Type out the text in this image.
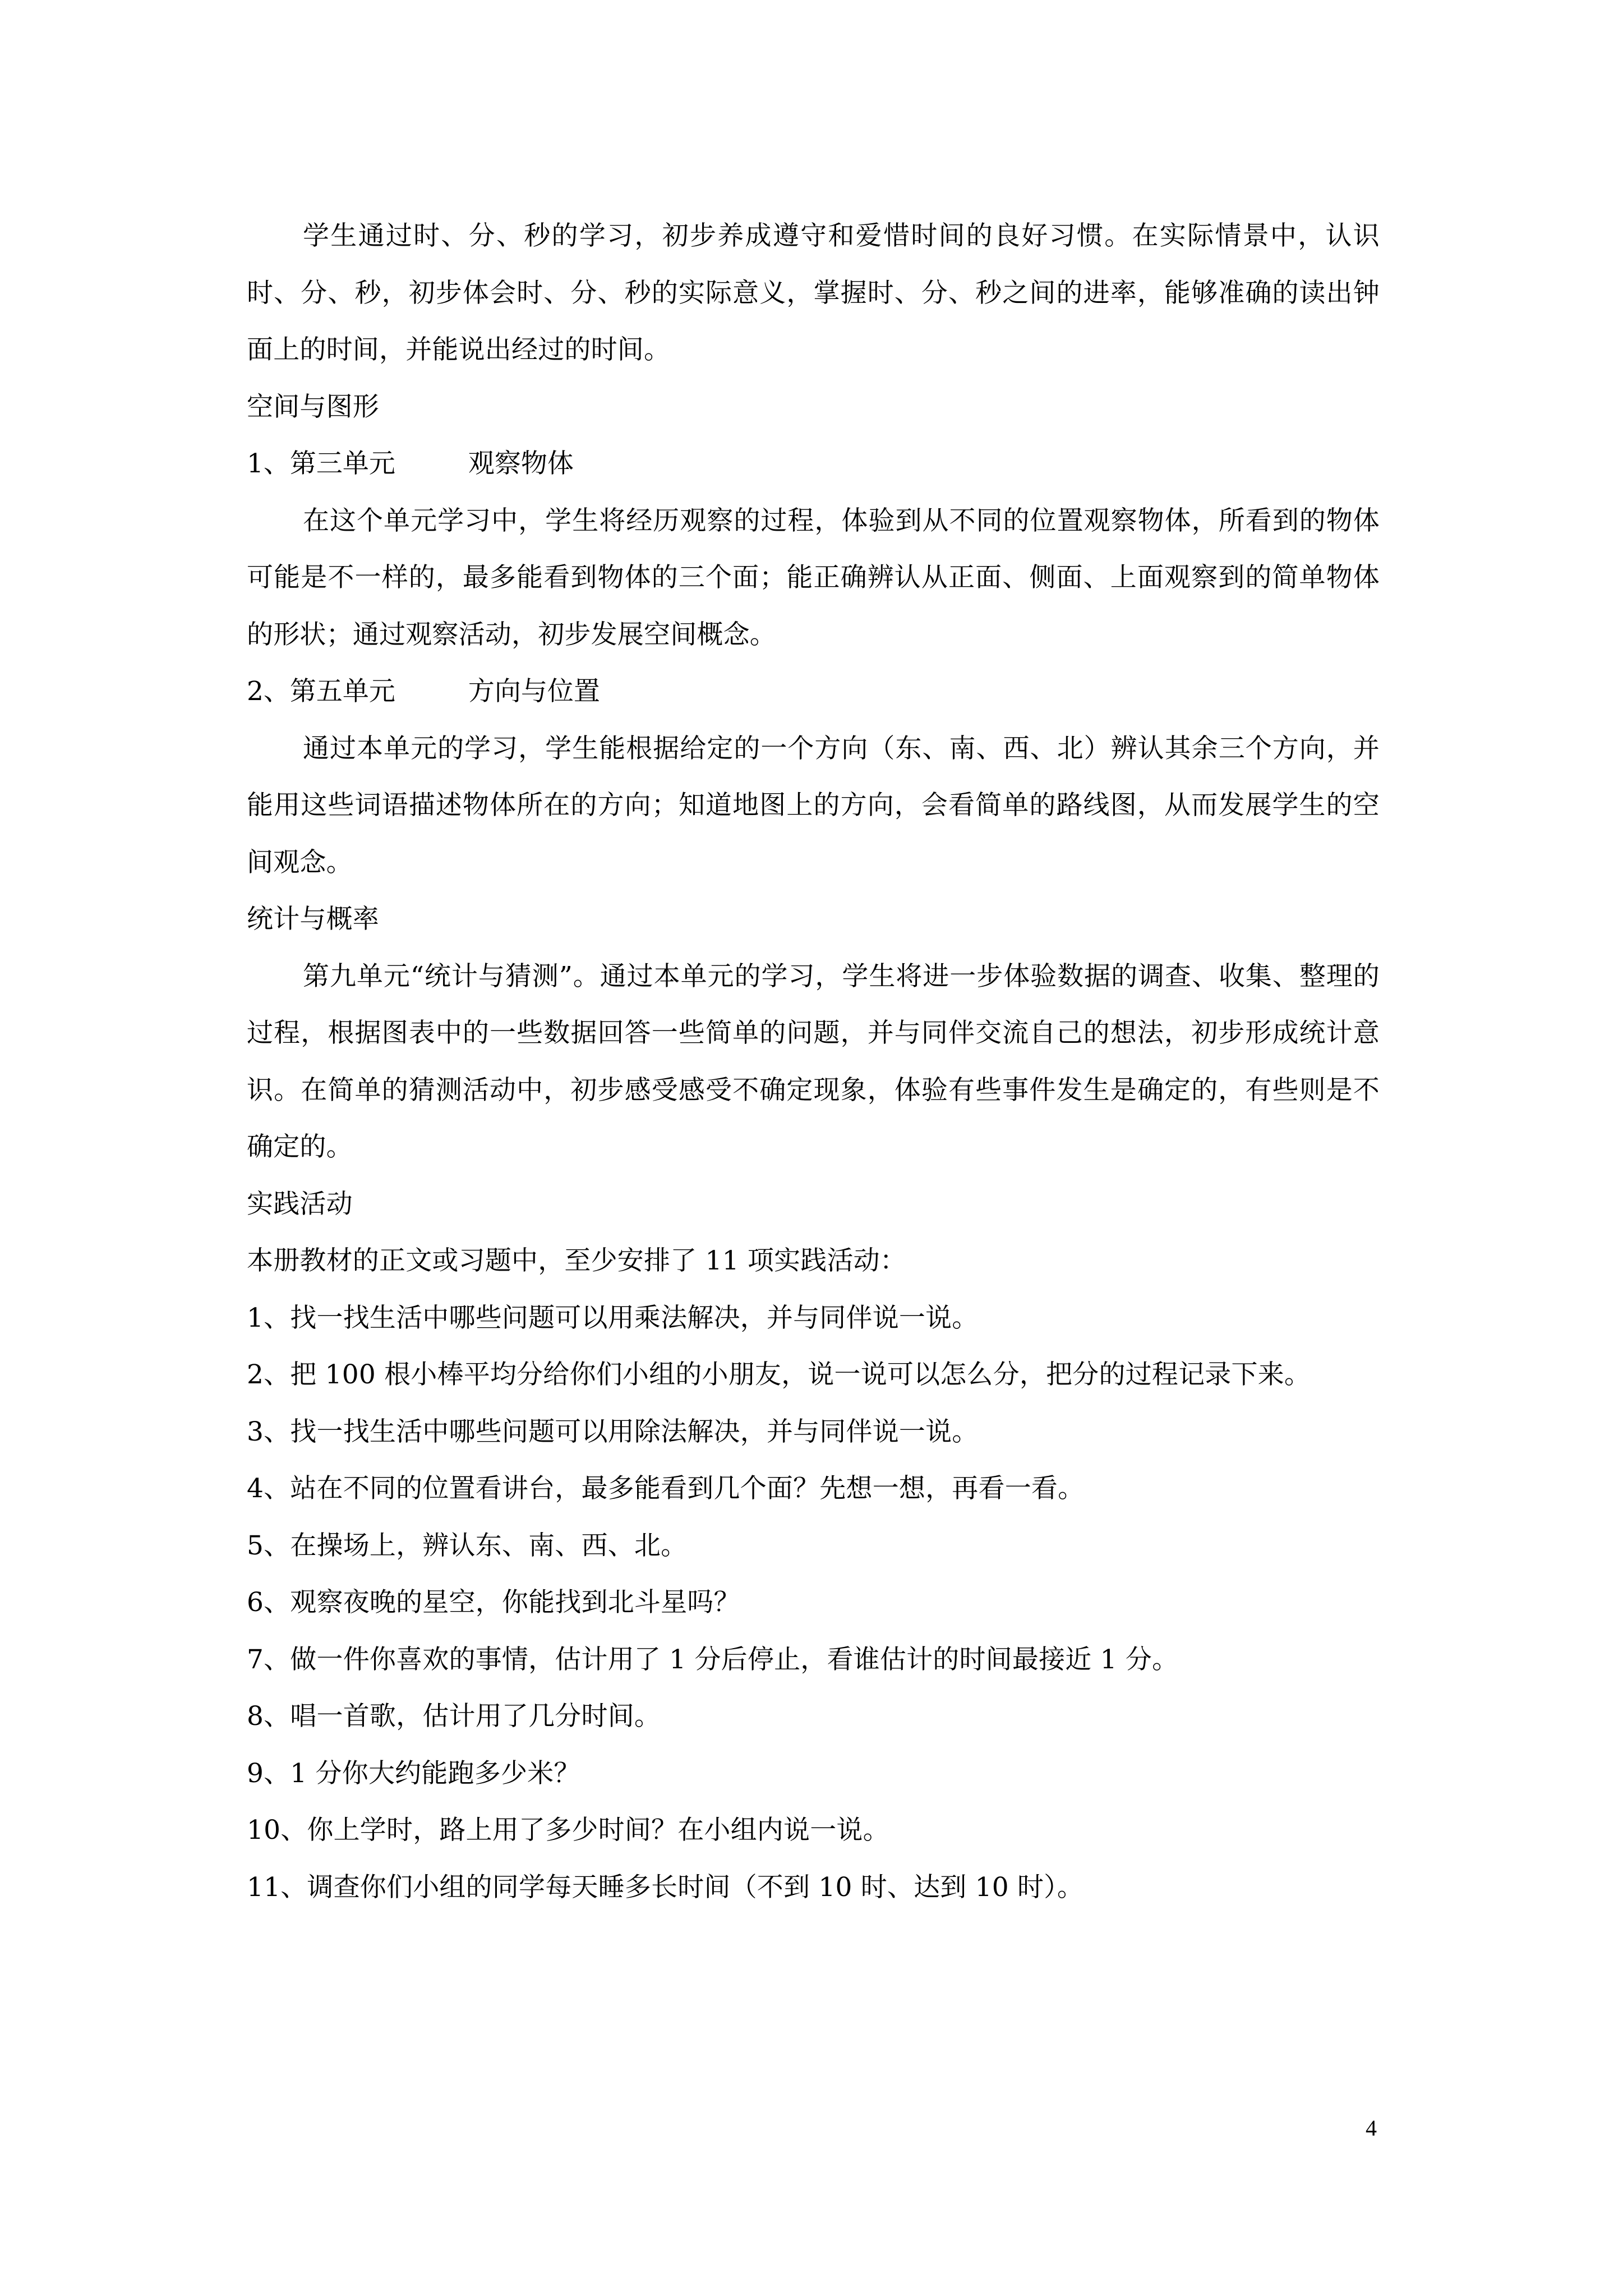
学生通过时、分、秒的学习，初步养成遵守和爱惜时间的良好习惯。在实际情景中，认识时、分、秒，初步体会时、分、秒的实际意义，掌握时、分、秒之间的进率，能够准确的读出钟面上的时间，并能说出经过的时间。
空间与图形
1、第三单元	观察物体
在这个单元学习中，学生将经历观察的过程，体验到从不同的位置观察物体，所看到的物体可能是不一样的，最多能看到物体的三个面；能正确辨认从正面、侧面、上面观察到的简单物体的形状；通过观察活动，初步发展空间概念。
2、第五单元	方向与位置
通过本单元的学习，学生能根据给定的一个方向（东、南、西、北）辨认其余三个方向，并能用这些词语描述物体所在的方向；知道地图上的方向，会看简单的路线图，从而发展学生的空间观念。
统计与概率
第九单元“统计与猜测”。通过本单元的学习，学生将进一步体验数据的调查、收集、整理的过程，根据图表中的一些数据回答一些简单的问题，并与同伴交流自己的想法，初步形成统计意识。在简单的猜测活动中，初步感受感受不确定现象，体验有些事件发生是确定的，有些则是不确定的。
实践活动
本册教材的正文或习题中，至少安排了 11 项实践活动：
1、找一找生活中哪些问题可以用乘法解决，并与同伴说一说。
2、把 100 根小棒平均分给你们小组的小朋友，说一说可以怎么分，把分的过程记录下来。
3、找一找生活中哪些问题可以用除法解决，并与同伴说一说。
4、站在不同的位置看讲台，最多能看到几个面？先想一想，再看一看。
5、在操场上，辨认东、南、西、北。
6、观察夜晚的星空，你能找到北斗星吗？
7、做一件你喜欢的事情，估计用了 1 分后停止，看谁估计的时间最接近 1 分。
8、唱一首歌，估计用了几分时间。
9、1 分你大约能跑多少米？
10、你上学时，路上用了多少时间？在小组内说一说。
11、调查你们小组的同学每天睡多长时间（不到 10 时、达到 10 时）。
4
